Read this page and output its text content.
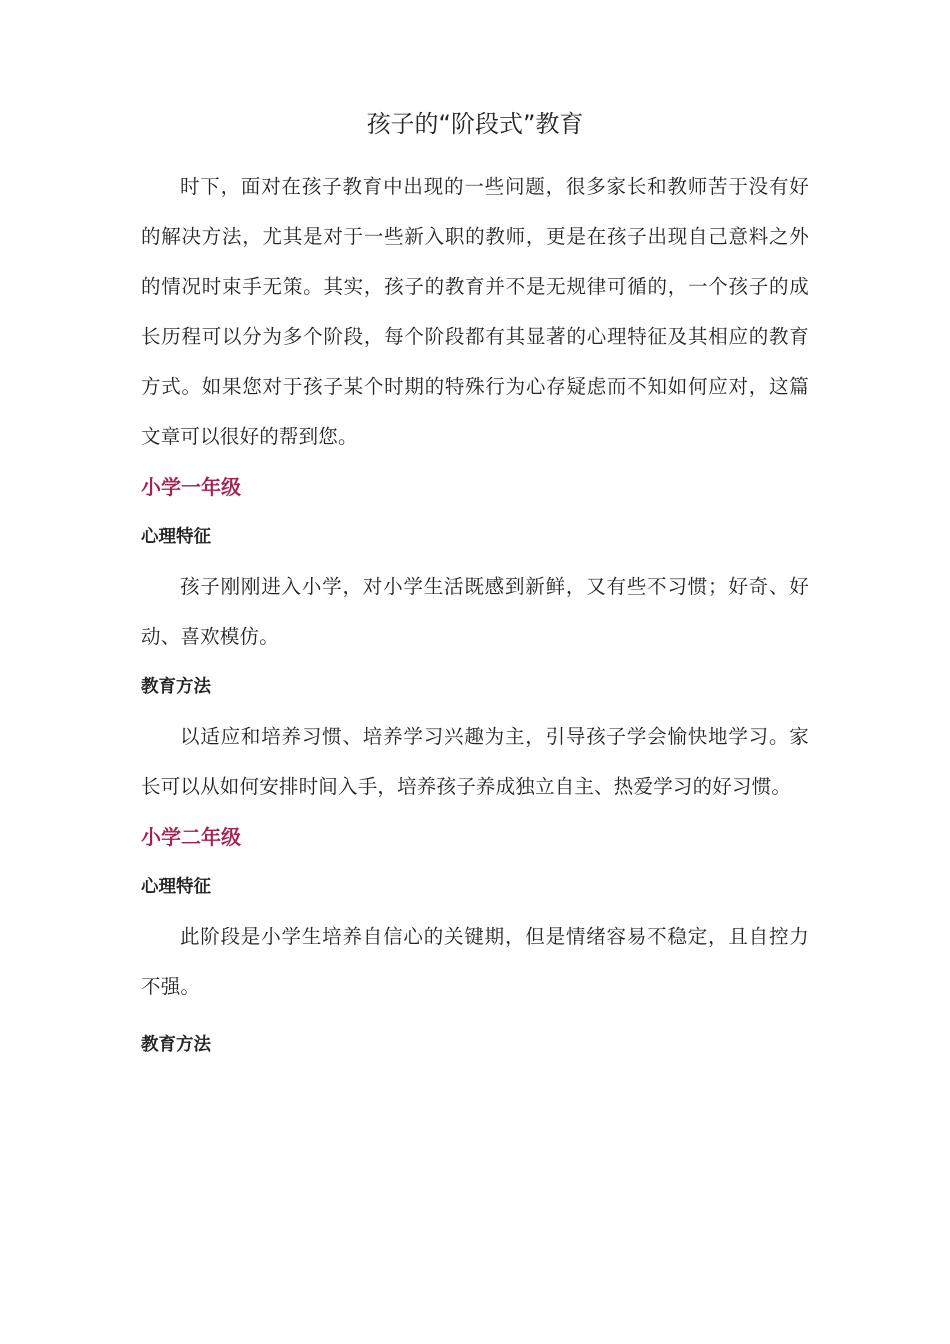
孩子的“阶段式”教育

时下，面对在孩子教育中出现的一些问题，很多家长和教师苦于没有好的解决方法，尤其是对于一些新入职的教师，更是在孩子出现自己意料之外的情况时束手无策。其实，孩子的教育并不是无规律可循的，一个孩子的成长历程可以分为多个阶段，每个阶段都有其显著的心理特征及其相应的教育方式。如果您对于孩子某个时期的特殊行为心存疑虑而不知如何应对，这篇文章可以很好的帮到您。

小学一年级
心理特征

孩子刚刚进入小学，对小学生活既感到新鲜，又有些不习惯；好奇、好动、喜欢模仿。

教育方法

以适应和培养习惯、培养学习兴趣为主，引导孩子学会愉快地学习。家长可以从如何安排时间入手，培养孩子养成独立自主、热爱学习的好习惯。

小学二年级
心理特征

此阶段是小学生培养自信心的关键期，但是情绪容易不稳定，且自控力不强。

教育方法
